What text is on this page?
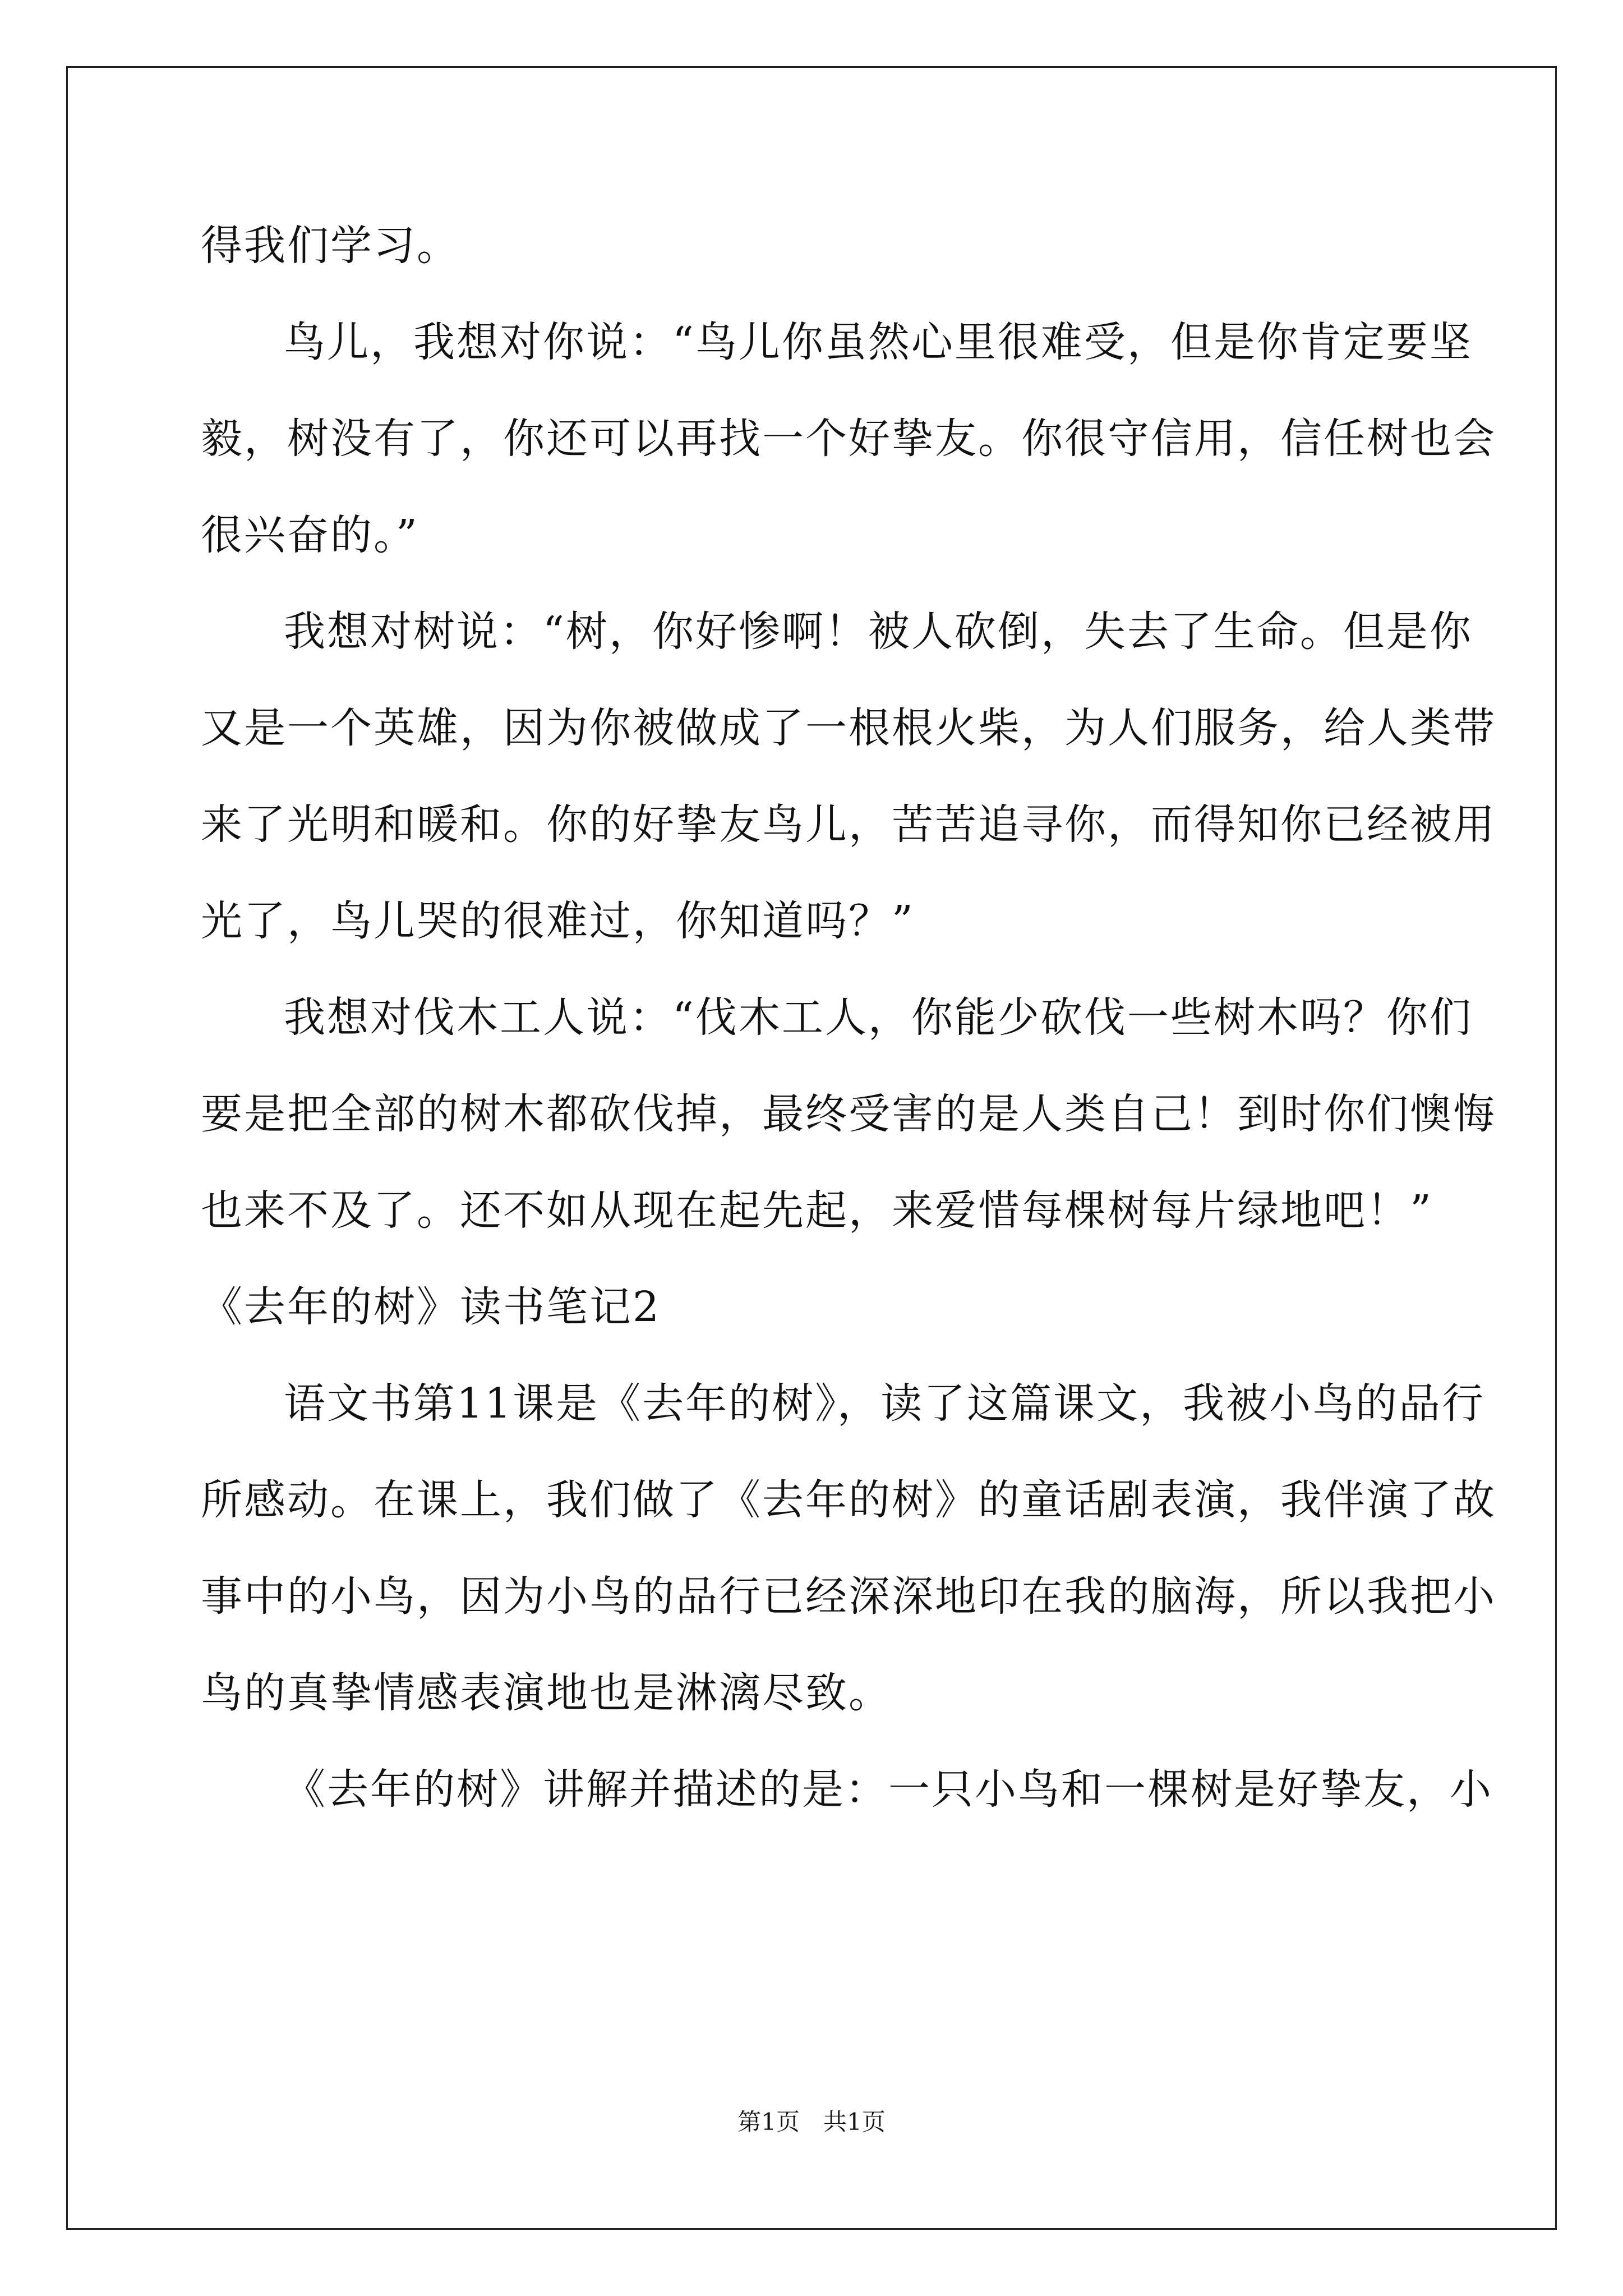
得我们学习。
鸟儿，我想对你说：“鸟儿你虽然心里很难受，但是你肯定要坚
毅，树没有了，你还可以再找一个好挚友。你很守信用，信任树也会
很兴奋的。”
我想对树说：“树，你好惨啊！被人砍倒，失去了生命。但是你
又是一个英雄，因为你被做成了一根根火柴，为人们服务，给人类带
来了光明和暖和。你的好挚友鸟儿，苦苦追寻你，而得知你已经被用
光了，鸟儿哭的很难过，你知道吗？”
我想对伐木工人说：“伐木工人，你能少砍伐一些树木吗？你们
要是把全部的树木都砍伐掉，最终受害的是人类自己！到时你们懊悔
也来不及了。还不如从现在起先起，来爱惜每棵树每片绿地吧！”
《去年的树》读书笔记2
语文书第11课是《去年的树》，读了这篇课文，我被小鸟的品行
所感动。在课上，我们做了《去年的树》的童话剧表演，我伴演了故
事中的小鸟，因为小鸟的品行已经深深地印在我的脑海，所以我把小
鸟的真挚情感表演地也是淋漓尽致。
《去年的树》讲解并描述的是：一只小鸟和一棵树是好挚友，小
第1页　共1页
